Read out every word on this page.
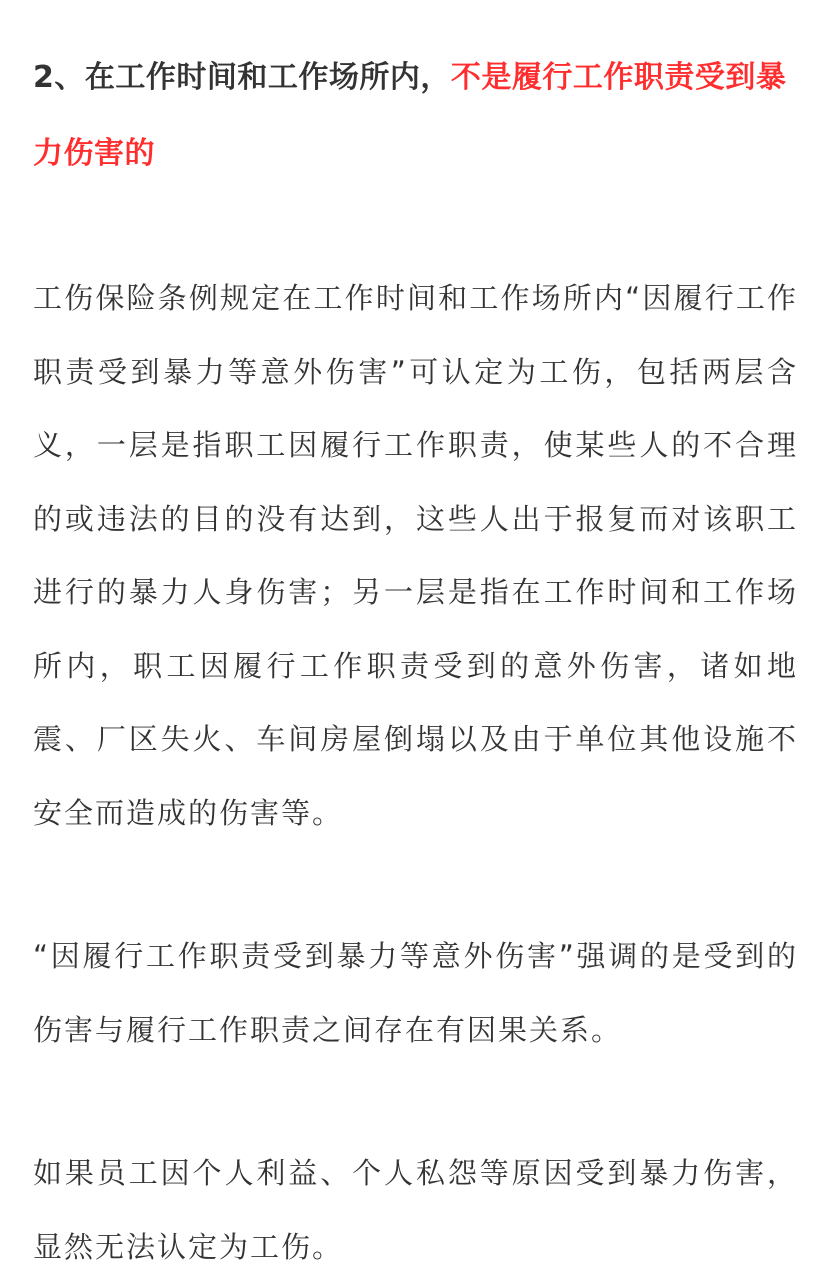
2、在工作时间和工作场所内，不是履行工作职责受到暴力伤害的

工伤保险条例规定在工作时间和工作场所内“因履行工作职责受到暴力等意外伤害”可认定为工伤，包括两层含义，一层是指职工因履行工作职责，使某些人的不合理的或违法的目的没有达到，这些人出于报复而对该职工进行的暴力人身伤害；另一层是指在工作时间和工作场所内，职工因履行工作职责受到的意外伤害，诸如地震、厂区失火、车间房屋倒塌以及由于单位其他设施不安全而造成的伤害等。

“因履行工作职责受到暴力等意外伤害”强调的是受到的伤害与履行工作职责之间存在有因果关系。

如果员工因个人利益、个人私怨等原因受到暴力伤害，显然无法认定为工伤。
